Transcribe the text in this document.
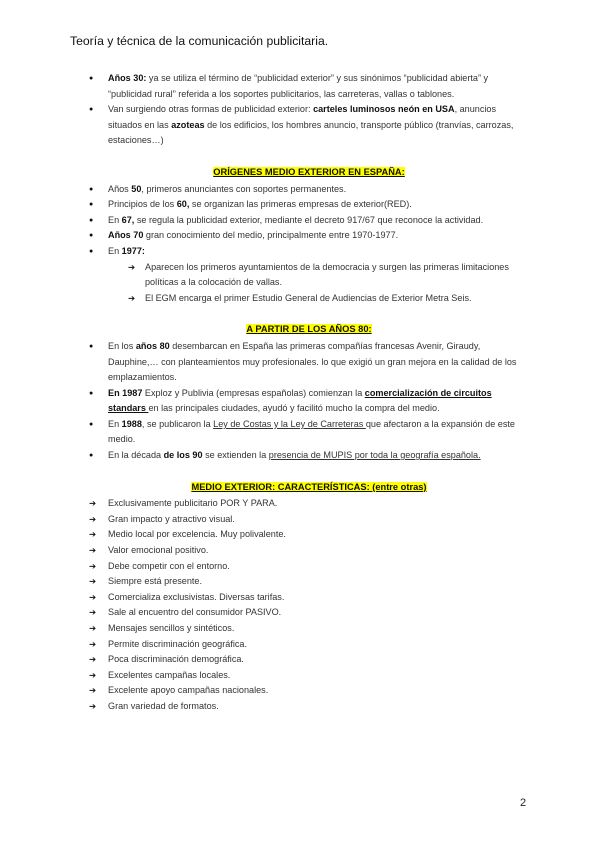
Teoría y técnica de la comunicación publicitaria.
● Años 30: ya se utiliza el término de “publicidad exterior” y sus sinónimos “publicidad abierta” y “publicidad rural” referida a los soportes publicitarios, las carreteras, vallas o tablones.
● Van surgiendo otras formas de publicidad exterior: carteles luminosos neón en USA, anuncios situados en las azoteas de los edificios, los hombres anuncio, transporte público (tranvías, carrozas, estaciones…)
ORÍGENES MEDIO EXTERIOR EN ESPAÑA:
● Años 50, primeros anunciantes con soportes permanentes.
● Principios de los 60, se organizan las primeras empresas de exterior(RED).
● En 67, se regula la publicidad exterior, mediante el decreto 917/67 que reconoce la actividad.
● Años 70 gran conocimiento del medio, principalmente entre 1970-1977.
● En 1977:
➔ Aparecen los primeros ayuntamientos de la democracia y surgen las primeras limitaciones políticas a la colocación de vallas.
➔ El EGM encarga el primer Estudio General de Audiencias de Exterior Metra Seis.
A PARTIR DE LOS AÑOS 80:
● En los años 80 desembarcan en España las primeras compañías francesas Avenir, Giraudy, Dauphine,… con planteamientos muy profesionales. lo que exigió un gran mejora en la calidad de los emplazamientos.
● En 1987 Exploz y Publivia (empresas españolas) comienzan la comercialización de circuitos standars en las principales ciudades, ayudó y facilitó mucho la compra del medio.
● En 1988, se publicaron la Ley de Costas y la Ley de Carreteras que afectaron a la expansión de este medio.
● En la década de los 90 se extienden la presencia de MUPIS por toda la geografía española.
MEDIO EXTERIOR: CARACTERÍSTICAS: (entre otras)
➔ Exclusivamente publicitario POR Y PARA.
➔ Gran impacto y atractivo visual.
➔ Medio local por excelencia. Muy polivalente.
➔ Valor emocional positivo.
➔ Debe competir con el entorno.
➔ Siempre está presente.
➔ Comercializa exclusivistas. Diversas tarifas.
➔ Sale al encuentro del consumidor PASIVO.
➔ Mensajes sencillos y sintéticos.
➔ Permite discriminación geográfica.
➔ Poca discriminación demográfica.
➔ Excelentes campañas locales.
➔ Excelente apoyo campañas nacionales.
➔ Gran variedad de formatos.
2
